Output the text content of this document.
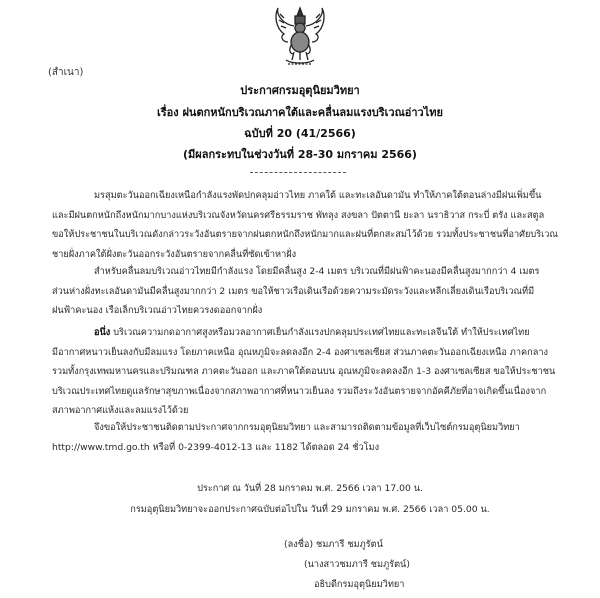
(สำเนา)
ประกาศกรมอุตุนิยมวิทยา
เรื่อง ฝนตกหนักบริเวณภาคใต้และคลื่นลมแรงบริเวณอ่าวไทย
ฉบับที่ 20 (41/2566)
(มีผลกระทบในช่วงวันที่ 28-30 มกราคม 2566)
มรสุมตะวันออกเฉียงเหนือกำลังแรงพัดปกคลุมอ่าวไทย ภาคใต้ และทะเลอันดามัน ทำให้ภาคใต้ตอนล่างมีฝนเพิ่มขึ้น
และมีฝนตกหนักถึงหนักมากบางแห่งบริเวณจังหวัดนครศรีธรรมราช พัทลุง สงขลา ปัตตานี ยะลา นราธิวาส กระบี่ ตรัง และสตูล
ขอให้ประชาชนในบริเวณดังกล่าวระวังอันตรายจากฝนตกหนักถึงหนักมากและฝนที่ตกสะสมไว้ด้วย รวมทั้งประชาชนที่อาศัยบริเวณ
ชายฝั่งภาคใต้ฝั่งตะวันออกระวังอันตรายจากคลื่นที่ซัดเข้าหาฝั่ง
สำหรับคลื่นลมบริเวณอ่าวไทยมีกำลังแรง โดยมีคลื่นสูง 2-4 เมตร บริเวณที่มีฝนฟ้าคะนองมีคลื่นสูงมากกว่า 4 เมตร
ส่วนห่างฝั่งทะเลอันดามันมีคลื่นสูงมากกว่า 2 เมตร ขอให้ชาวเรือเดินเรือด้วยความระมัดระวังและหลีกเลี่ยงเดินเรือบริเวณที่มี
ฝนฟ้าคะนอง เรือเล็กบริเวณอ่าวไทยควรงดออกจากฝั่ง
อนึ่ง บริเวณความกดอากาศสูงหรือมวลอากาศเย็นกำลังแรงปกคลุมประเทศไทยและทะเลจีนใต้ ทำให้ประเทศไทย
มีอากาศหนาวเย็นลงกับมีลมแรง โดยภาคเหนือ อุณหภูมิจะลดลงอีก 2-4 องศาเซลเซียส ส่วนภาคตะวันออกเฉียงเหนือ ภาคกลาง
รวมทั้งกรุงเทพมหานครและปริมณฑล ภาคตะวันออก และภาคใต้ตอนบน อุณหภูมิจะลดลงอีก 1-3 องศาเซลเซียส ขอให้ประชาชน
บริเวณประเทศไทยดูแลรักษาสุขภาพเนื่องจากสภาพอากาศที่หนาวเย็นลง รวมถึงระวังอันตรายจากอัคคีภัยที่อาจเกิดขึ้นเนื่องจาก
สภาพอากาศแห้งและลมแรงไว้ด้วย
จึงขอให้ประชาชนติดตามประกาศจากกรมอุตุนิยมวิทยา และสามารถติดตามข้อมูลที่เว็บไซต์กรมอุตุนิยมวิทยา
http://www.tmd.go.th หรือที่ 0-2399-4012-13 และ 1182 ได้ตลอด 24 ชั่วโมง
ประกาศ ณ วันที่ 28 มกราคม พ.ศ. 2566 เวลา 17.00 น.
กรมอุตุนิยมวิทยาจะออกประกาศฉบับต่อไปใน วันที่ 29 มกราคม พ.ศ. 2566 เวลา 05.00 น.
(ลงชื่อ) ชมภารี ชมภูรัตน์
(นางสาวชมภารี ชมภูรัตน์)
อธิบดีกรมอุตุนิยมวิทยา
